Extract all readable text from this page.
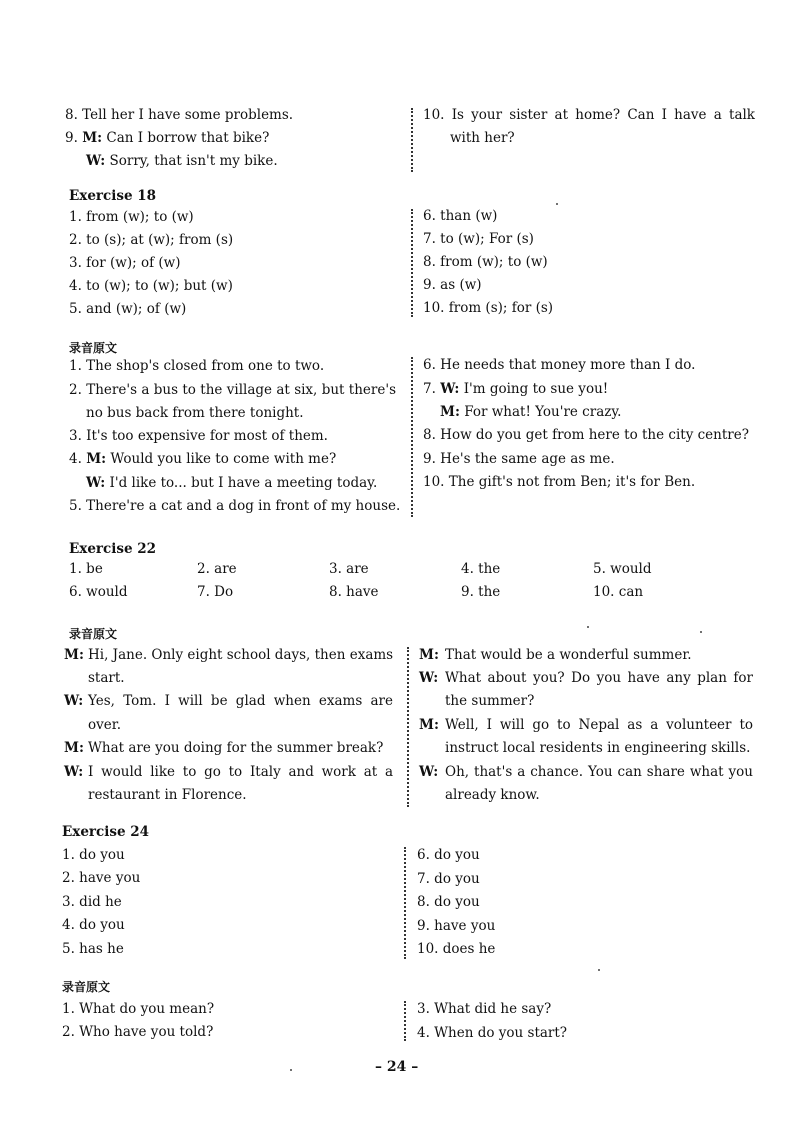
8. Tell her I have some problems.
9. M: Can I borrow that bike?
W: Sorry, that isn't my bike.
10. Is your sister at home? Can I have a talk
with her?
Exercise 18
1. from (w); to (w)
2. to (s); at (w); from (s)
3. for (w); of (w)
4. to (w); to (w); but (w)
5. and (w); of (w)
6. than (w)
7. to (w); For (s)
8. from (w); to (w)
9. as (w)
10. from (s); for (s)
录音原文
1. The shop's closed from one to two.
2. There's a bus to the village at six, but there's
no bus back from there tonight.
3. It's too expensive for most of them.
4. M: Would you like to come with me?
W: I'd like to... but I have a meeting today.
5. There're a cat and a dog in front of my house.
6. He needs that money more than I do.
7. W: I'm going to sue you!
M: For what! You're crazy.
8. How do you get from here to the city centre?
9. He's the same age as me.
10. The gift's not from Ben; it's for Ben.
Exercise 22
1. be	2. are	3. are	4. the	5. would
6. would	7. Do	8. have	9. the	10. can
录音原文
M: Hi, Jane. Only eight school days, then exams
start.
W: Yes, Tom. I will be glad when exams are
over.
M: What are you doing for the summer break?
W: I would like to go to Italy and work at a
restaurant in Florence.
M: That would be a wonderful summer.
W: What about you? Do you have any plan for
the summer?
M: Well, I will go to Nepal as a volunteer to
instruct local residents in engineering skills.
W: Oh, that's a chance. You can share what you
already know.
Exercise 24
1. do you
2. have you
3. did he
4. do you
5. has he
6. do you
7. do you
8. do you
9. have you
10. does he
录音原文
1. What do you mean?
2. Who have you told?
3. What did he say?
4. When do you start?
– 24 –
